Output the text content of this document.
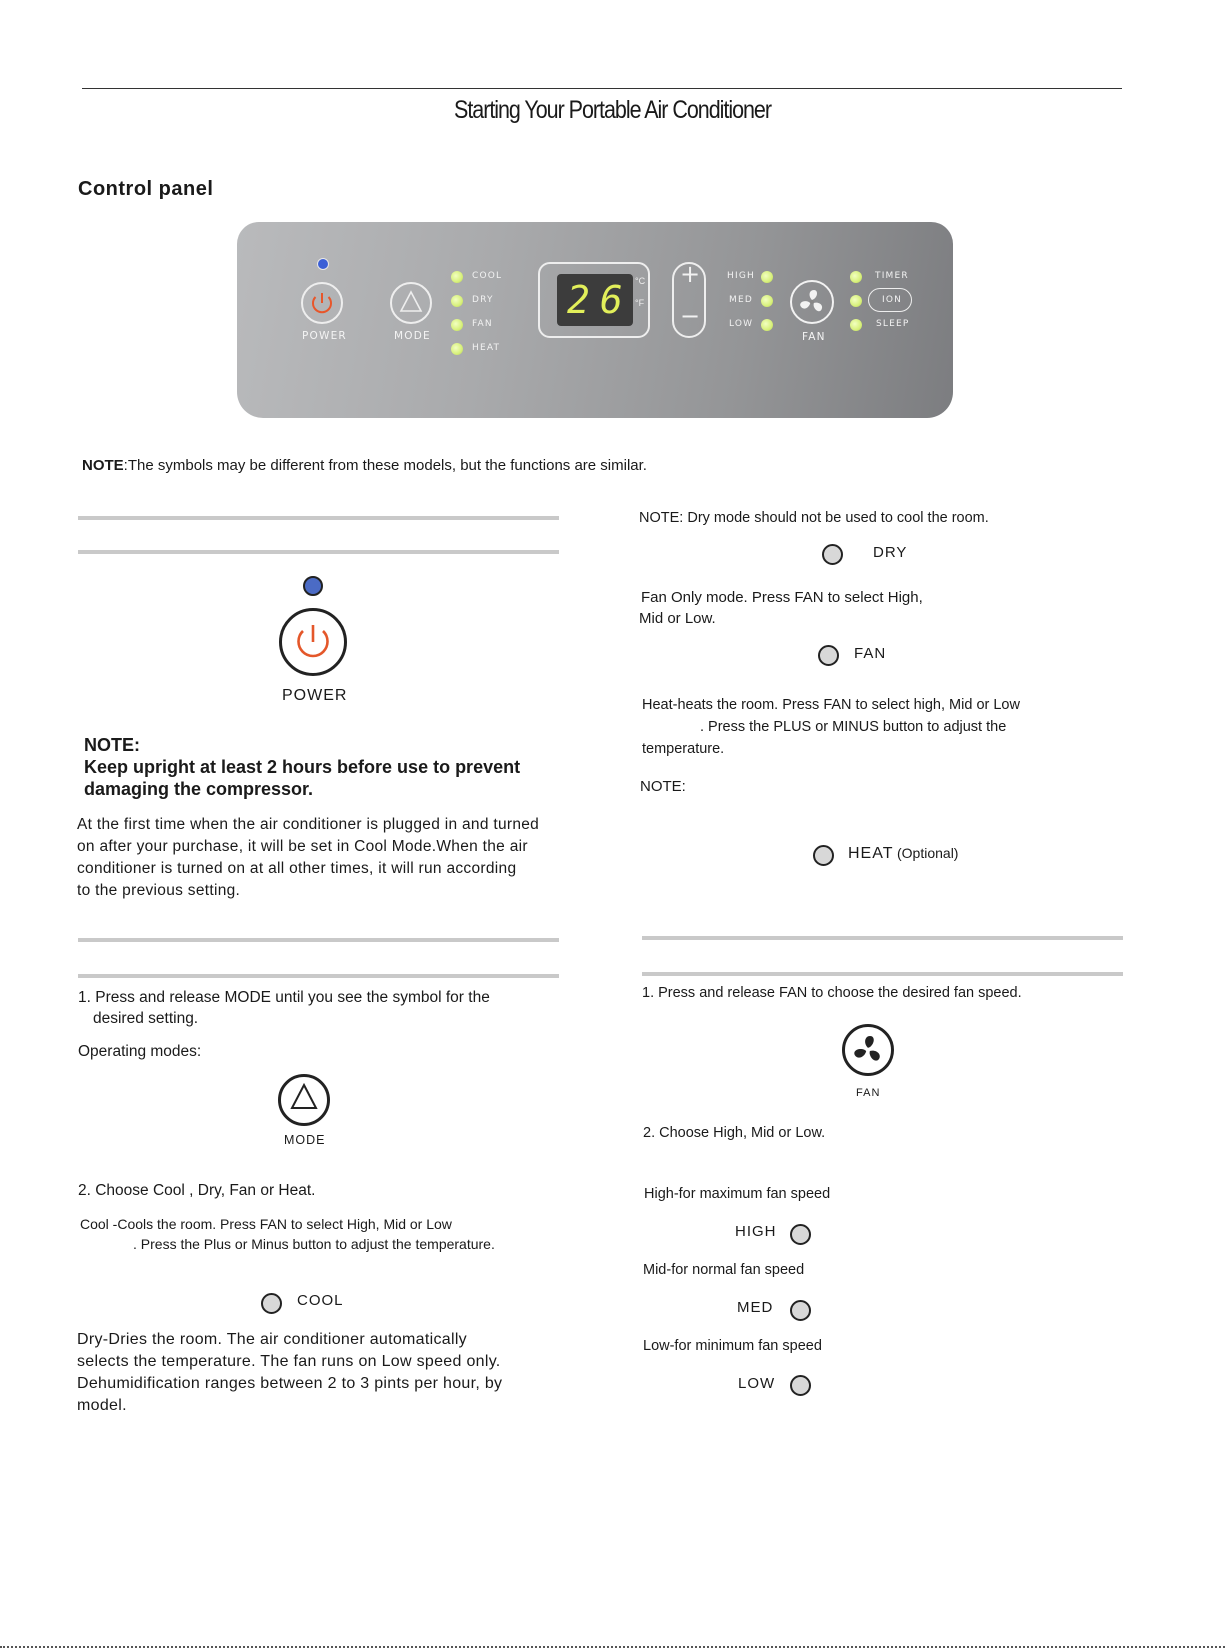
Starting Your Portable Air Conditioner
Control panel
POWER	MODE
COOL
DRY
FAN
HEAT
26 °C
°F
+
−
HIGH
MED
LOW
FAN
TIMER
ION
SLEEP
NOTE:The symbols may be different from these models, but the functions are similar.
POWER
NOTE:
Keep upright at least 2 hours before use to prevent
damaging the compressor.
At the first time when the air conditioner is plugged in and turned
on after your purchase, it will be set in Cool Mode.When the air
conditioner is turned on at all other times, it will run according
to the previous setting.
1. Press and release MODE until you see the symbol for the
desired setting.
Operating modes:
MODE
2. Choose Cool , Dry, Fan or Heat.
Cool -Cools the room. Press FAN to select High, Mid or Low
. Press the Plus or Minus button to adjust the temperature.
COOL
Dry-Dries the room. The air conditioner automatically
selects the temperature. The fan runs on Low speed only.
Dehumidification ranges between 2 to 3 pints per hour, by
model.
NOTE: Dry mode should not be used to cool the room.
DRY
Fan Only mode. Press FAN to select High,
Mid or Low.
FAN
Heat-heats the room. Press FAN to select high, Mid or Low
. Press the PLUS or MINUS button to adjust the
temperature.
NOTE:
HEAT (Optional)
1. Press and release FAN to choose the desired fan speed.
FAN
2. Choose High, Mid or Low.
High-for maximum fan speed
HIGH
Mid-for normal fan speed
MED
Low-for minimum fan speed
LOW
